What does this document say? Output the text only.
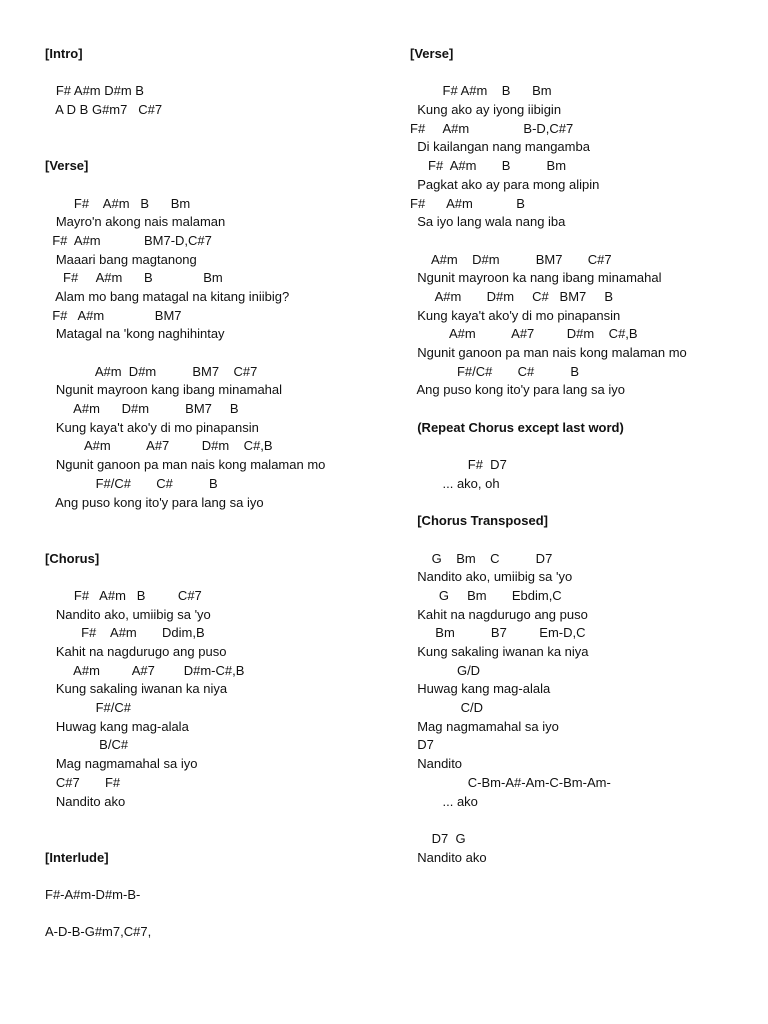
[Intro]
F# A#m D#m B
A D B G#m7   C#7
[Verse]
F#    A#m   B      Bm
Mayro'n akong nais malaman
F#  A#m            BM7-D,C#7
Maaari bang magtanong
F#     A#m      B              Bm
Alam mo bang matagal na kitang iniibig?
F#   A#m              BM7
Matagal na 'kong naghihintay
A#m  D#m          BM7    C#7
Ngunit mayroon kang ibang minamahal
A#m      D#m          BM7     B
Kung kaya't ako'y di mo pinapansin
A#m          A#7         D#m    C#,B
Ngunit ganoon pa man nais kong malaman mo
F#/C#       C#          B
Ang puso kong ito'y para lang sa iyo
[Chorus]
F#   A#m   B         C#7
Nandito ako, umiibig sa 'yo
F#    A#m       Ddim,B
Kahit na nagdurugo ang puso
A#m         A#7        D#m-C#,B
Kung sakaling iwanan ka niya
F#/C#
Huwag kang mag-alala
B/C#
Mag nagmamahal sa iyo
C#7       F#
Nandito ako
[Interlude]
F#-A#m-D#m-B-
A-D-B-G#m7,C#7,
[Verse]
F# A#m    B      Bm
Kung ako ay iyong iibigin
F#     A#m               B-D,C#7
Di kailangan nang mangamba
F#  A#m       B          Bm
Pagkat ako ay para mong alipin
F#      A#m            B
Sa iyo lang wala nang iba
A#m    D#m          BM7       C#7
Ngunit mayroon ka nang ibang minamahal
A#m       D#m     C#   BM7     B
Kung kaya't ako'y di mo pinapansin
A#m          A#7         D#m    C#,B
Ngunit ganoon pa man nais kong malaman mo
F#/C#       C#          B
Ang puso kong ito'y para lang sa iyo
(Repeat Chorus except last word)
F#  D7
... ako, oh
[Chorus Transposed]
G    Bm    C          D7
Nandito ako, umiibig sa 'yo
G     Bm       Ebdim,C
Kahit na nagdurugo ang puso
Bm          B7         Em-D,C
Kung sakaling iwanan ka niya
G/D
Huwag kang mag-alala
C/D
Mag nagmamahal sa iyo
D7
Nandito
C-Bm-A#-Am-C-Bm-Am-
... ako
D7  G
Nandito ako
